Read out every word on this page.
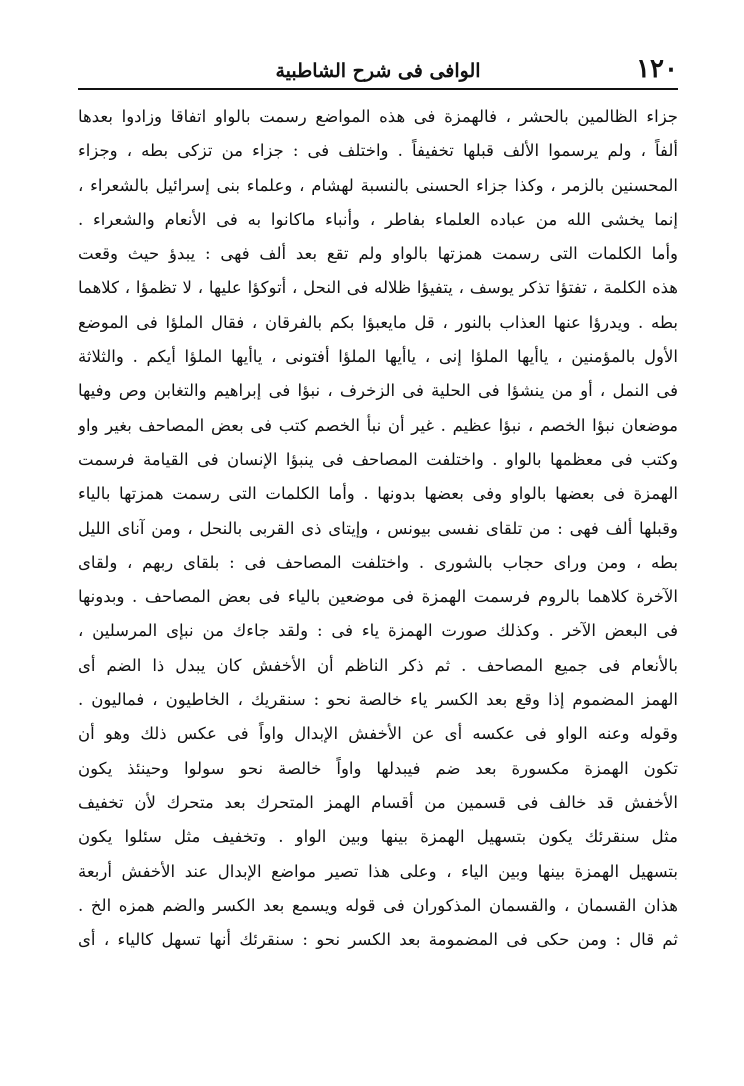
١٢٠
الوافى فى شرح الشاطبية
جزاء الظالمين بالحشر ، فالهمزة فى هذه المواضع رسمت بالواو اتفاقا وزادوا بعدها
ألفاً ، ولم يرسموا الألف قبلها تخفيفاً . واختلف فى : جزاء من تزكى بطه ، وجزاء
المحسنين بالزمر ، وكذا جزاء الحسنى بالنسبة لهشام ، وعلماء بنى إسرائيل بالشعراء ،
إنما يخشى الله من عباده العلماء بفاطر ، وأنباء ماكانوا به فى الأنعام والشعراء .
وأما الكلمات التى رسمت همزتها بالواو ولم تقع بعد ألف فهى : يبدؤ حيث وقعت
هذه الكلمة ، تفتؤا تذكر يوسف ، يتفيؤا ظلاله فى النحل ، أتوكؤا عليها ، لا تظمؤا ، كلاهما
بطه . ويدرؤا عنها العذاب بالنور ، قل مايعبؤا بكم بالفرقان ، فقال الملؤا فى الموضع
الأول بالمؤمنين ، ياأيها الملؤا إنى ، ياأيها الملؤا أفتونى ، ياأيها الملؤا أيكم . والثلاثة
فى النمل ، أو من ينشؤا فى الحلية فى الزخرف ، نبؤا فى إبراهيم والتغابن وص وفيها
موضعان نبؤا الخصم ، نبؤا عظيم . غير أن نبأ الخصم كتب فى بعض المصاحف بغير واو
وكتب فى معظمها بالواو . واختلفت المصاحف فى ينبؤا الإنسان فى القيامة فرسمت
الهمزة فى بعضها بالواو وفى بعضها بدونها . وأما الكلمات التى رسمت همزتها بالياء
وقبلها ألف فهى : من تلقاى نفسى بيونس ، وإيتاى ذى القربى بالنحل ، ومن آناى الليل
بطه ، ومن وراى حجاب بالشورى . واختلفت المصاحف فى : بلقاى ربهم ، ولقاى
الآخرة كلاهما بالروم فرسمت الهمزة فى موضعين بالياء فى بعض المصاحف . وبدونها
فى البعض الآخر . وكذلك صورت الهمزة ياء فى : ولقد جاءك من نبإى المرسلين ،
بالأنعام فى جميع المصاحف . ثم ذكر الناظم أن الأخفش كان يبدل ذا الضم أى
الهمز المضموم إذا وقع بعد الكسر ياء خالصة نحو : سنقريك ، الخاطيون ، فماليون .
وقوله وعنه الواو فى عكسه أى عن الأخفش الإبدال واواً فى عكس ذلك وهو أن
تكون الهمزة مكسورة بعد ضم فيبدلها واواً خالصة نحو سولوا وحينئذ يكون
الأخفش قد خالف فى قسمين من أقسام الهمز المتحرك بعد متحرك لأن تخفيف
مثل سنقرئك يكون بتسهيل الهمزة بينها وبين الواو . وتخفيف مثل سئلوا يكون
بتسهيل الهمزة بينها وبين الياء ، وعلى هذا تصير مواضع الإبدال عند الأخفش أربعة
هذان القسمان ، والقسمان المذكوران فى قوله ويسمع بعد الكسر والضم همزه الخ .
ثم قال : ومن حكى فى المضمومة بعد الكسر نحو : سنقرئك أنها تسهل كالياء ، أى
